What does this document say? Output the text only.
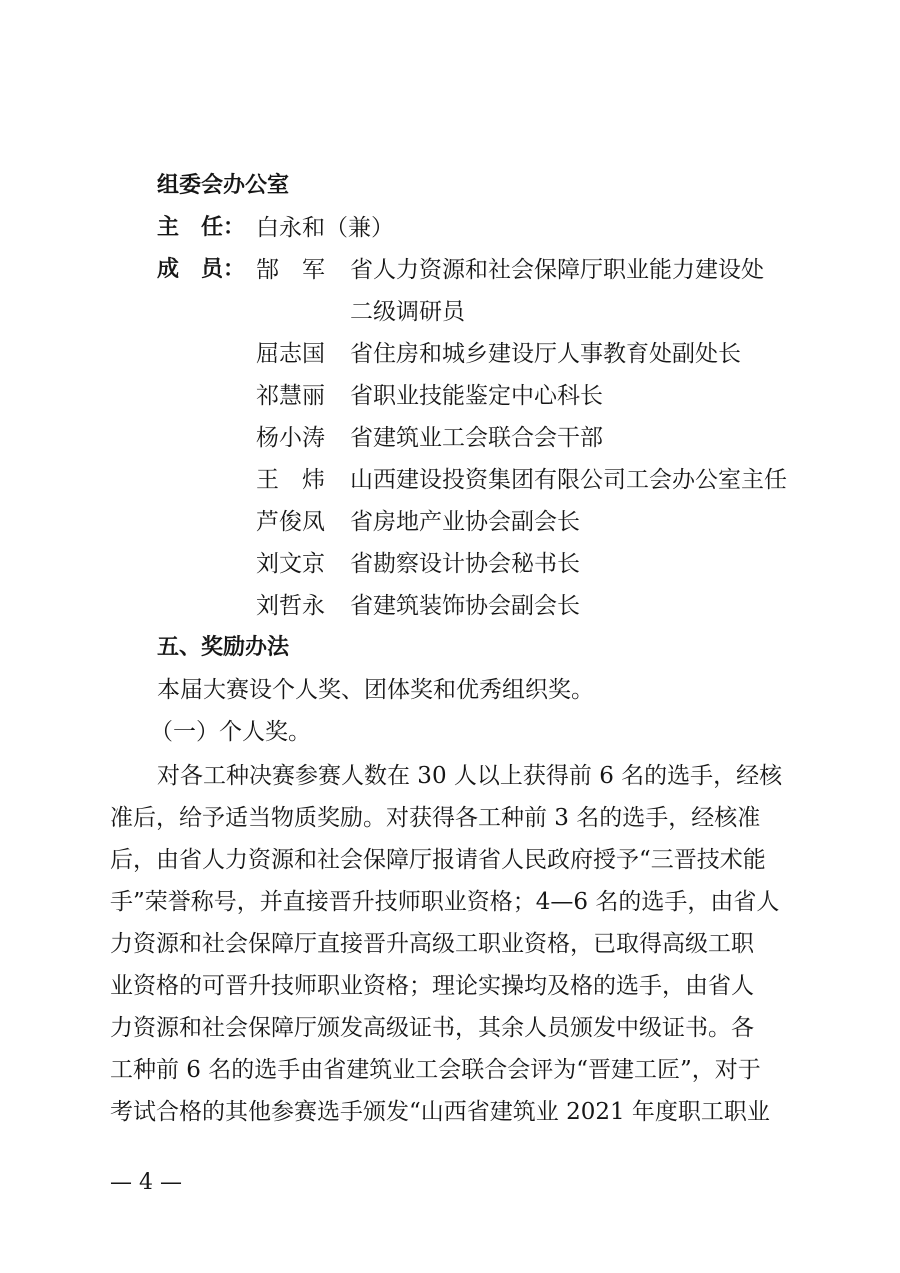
组委会办公室
主　任： 白永和（兼）
成　员： 郜　军 省人力资源和社会保障厅职业能力建设处
二级调研员
屈志国 省住房和城乡建设厅人事教育处副处长
祁慧丽 省职业技能鉴定中心科长
杨小涛 省建筑业工会联合会干部
王　炜 山西建设投资集团有限公司工会办公室主任
芦俊凤 省房地产业协会副会长
刘文京 省勘察设计协会秘书长
刘哲永 省建筑装饰协会副会长
五、奖励办法
本届大赛设个人奖、团体奖和优秀组织奖。
（一）个人奖。
对各工种决赛参赛人数在 30 人以上获得前 6 名的选手，经核
准后，给予适当物质奖励。对获得各工种前 3 名的选手，经核准
后，由省人力资源和社会保障厅报请省人民政府授予“三晋技术能
手”荣誉称号，并直接晋升技师职业资格；4—6 名的选手，由省人
力资源和社会保障厅直接晋升高级工职业资格，已取得高级工职
业资格的可晋升技师职业资格；理论实操均及格的选手，由省人
力资源和社会保障厅颁发高级证书，其余人员颁发中级证书。各
工种前 6 名的选手由省建筑业工会联合会评为“晋建工匠”，对于
考试合格的其他参赛选手颁发“山西省建筑业 2021 年度职工职业
— 4 —
